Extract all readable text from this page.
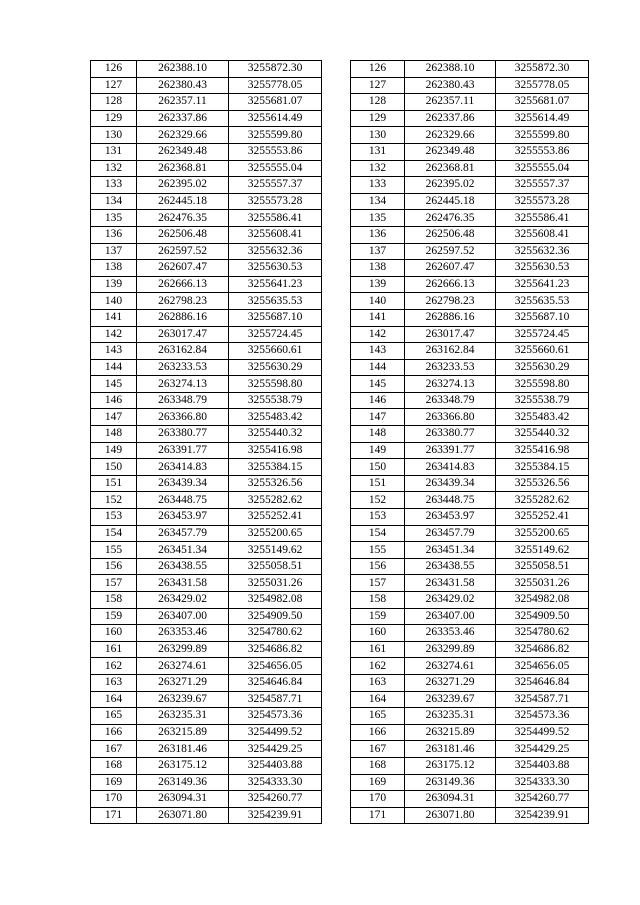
126	262388.10	3255872.30
127	262380.43	3255778.05
128	262357.11	3255681.07
129	262337.86	3255614.49
130	262329.66	3255599.80
131	262349.48	3255553.86
132	262368.81	3255555.04
133	262395.02	3255557.37
134	262445.18	3255573.28
135	262476.35	3255586.41
136	262506.48	3255608.41
137	262597.52	3255632.36
138	262607.47	3255630.53
139	262666.13	3255641.23
140	262798.23	3255635.53
141	262886.16	3255687.10
142	263017.47	3255724.45
143	263162.84	3255660.61
144	263233.53	3255630.29
145	263274.13	3255598.80
146	263348.79	3255538.79
147	263366.80	3255483.42
148	263380.77	3255440.32
149	263391.77	3255416.98
150	263414.83	3255384.15
151	263439.34	3255326.56
152	263448.75	3255282.62
153	263453.97	3255252.41
154	263457.79	3255200.65
155	263451.34	3255149.62
156	263438.55	3255058.51
157	263431.58	3255031.26
158	263429.02	3254982.08
159	263407.00	3254909.50
160	263353.46	3254780.62
161	263299.89	3254686.82
162	263274.61	3254656.05
163	263271.29	3254646.84
164	263239.67	3254587.71
165	263235.31	3254573.36
166	263215.89	3254499.52
167	263181.46	3254429.25
168	263175.12	3254403.88
169	263149.36	3254333.30
170	263094.31	3254260.77
171	263071.80	3254239.91
126	262388.10	3255872.30
127	262380.43	3255778.05
128	262357.11	3255681.07
129	262337.86	3255614.49
130	262329.66	3255599.80
131	262349.48	3255553.86
132	262368.81	3255555.04
133	262395.02	3255557.37
134	262445.18	3255573.28
135	262476.35	3255586.41
136	262506.48	3255608.41
137	262597.52	3255632.36
138	262607.47	3255630.53
139	262666.13	3255641.23
140	262798.23	3255635.53
141	262886.16	3255687.10
142	263017.47	3255724.45
143	263162.84	3255660.61
144	263233.53	3255630.29
145	263274.13	3255598.80
146	263348.79	3255538.79
147	263366.80	3255483.42
148	263380.77	3255440.32
149	263391.77	3255416.98
150	263414.83	3255384.15
151	263439.34	3255326.56
152	263448.75	3255282.62
153	263453.97	3255252.41
154	263457.79	3255200.65
155	263451.34	3255149.62
156	263438.55	3255058.51
157	263431.58	3255031.26
158	263429.02	3254982.08
159	263407.00	3254909.50
160	263353.46	3254780.62
161	263299.89	3254686.82
162	263274.61	3254656.05
163	263271.29	3254646.84
164	263239.67	3254587.71
165	263235.31	3254573.36
166	263215.89	3254499.52
167	263181.46	3254429.25
168	263175.12	3254403.88
169	263149.36	3254333.30
170	263094.31	3254260.77
171	263071.80	3254239.91
